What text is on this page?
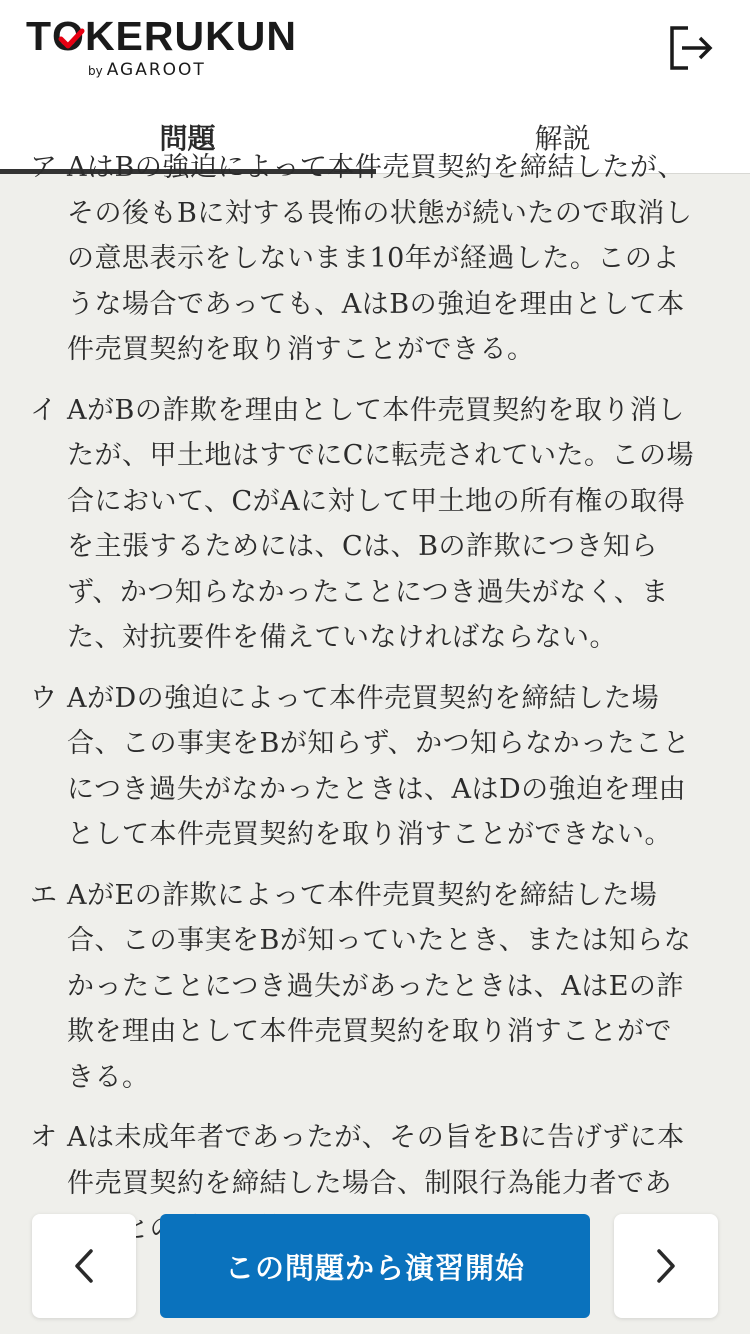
TO
KERUKUN
by AGAROOT
問題	解説
ア AはBの強迫によって本件売買契約を締結したが、その後もBに対する畏怖の状態が続いたので取消しの意思表示をしないまま10年が経過した。このような場合であっても、AはBの強迫を理由として本件売買契約を取り消すことができる。
イ AがBの詐欺を理由として本件売買契約を取り消したが、甲土地はすでにCに転売されていた。この場合において、CがAに対して甲土地の所有権の取得を主張するためには、Cは、Bの詐欺につき知らず、かつ知らなかったことにつき過失がなく、また、対抗要件を備えていなければならない。
ウ AがDの強迫によって本件売買契約を締結した場合、この事実をBが知らず、かつ知らなかったことにつき過失がなかったときは、AはDの強迫を理由として本件売買契約を取り消すことができない。
エ AがEの詐欺によって本件売買契約を締結した場合、この事実をBが知っていたとき、または知らなかったことにつき過失があったときは、AはEの詐欺を理由として本件売買契約を取り消すことができる。
オ Aは未成年者であったが、その旨をBに告げずに本件売買契約を締結した場合、制限行為能力者であ との
この問題から演習開始
